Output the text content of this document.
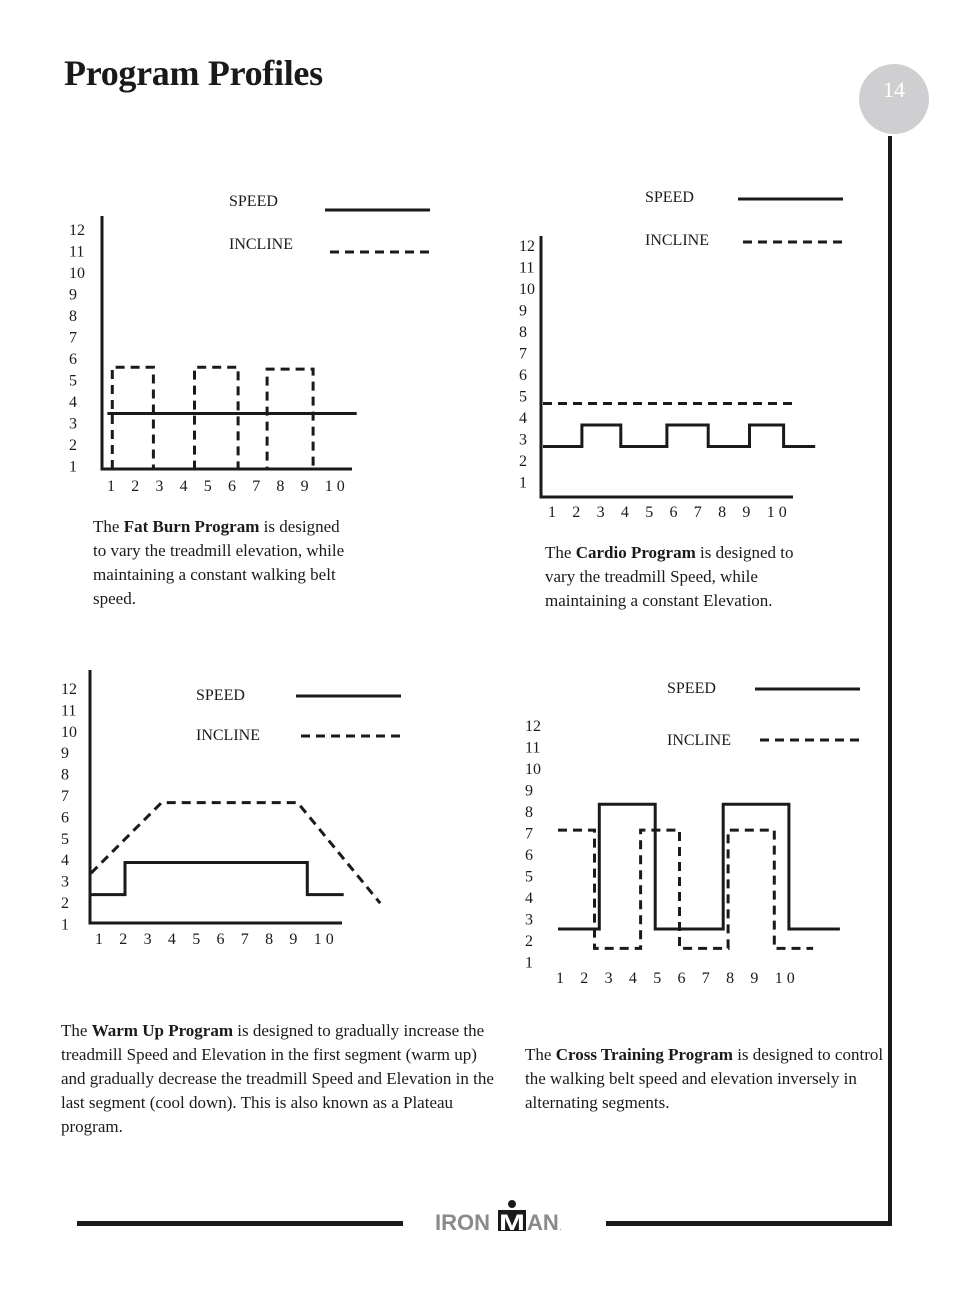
Program Profiles	14
IRON M AN .
SPEED
INCLINE
12
11
10
9
8
7
6
5
4
3
2
1
1 2 3 4 5 6 7 8 9 1 0
SPEED
INCLINE
12
11
10
9
8
7
6
5
4
3
2
1
1 2 3 4 5 6 7 8 9 1 0
SPEED
INCLINE
12
11
10
9
8
7
6
5
4
3
2
1
1 2 3 4 5 6 7 8 9 1 0
SPEED
INCLINE
12
11
10
9
8
7
6
5
4
3
2
1
1 2 3 4 5 6 7 8 9 1 0

The Fat Burn Program is designed to vary the treadmill elevation, while maintaining a constant walking belt speed.

The Cardio Program is designed to vary the treadmill Speed, while maintaining a constant Elevation.

The Warm Up Program is designed to gradually increase the treadmill Speed and Elevation in the first segment (warm up) and gradually decrease the treadmill Speed and Elevation in the last segment (cool down). This is also known as a Plateau program.

The Cross Training Program is designed to control the walking belt speed and elevation inversely in alternating segments.
